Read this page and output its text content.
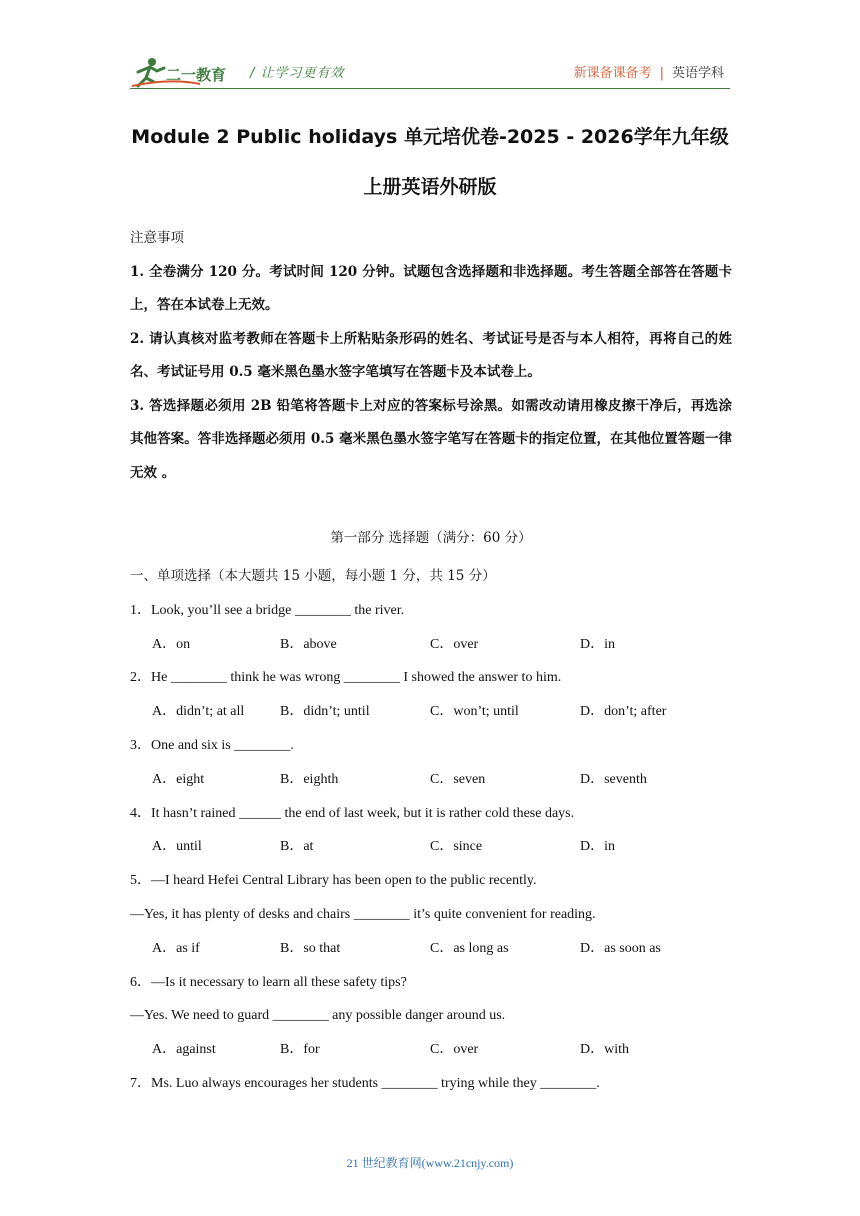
二一教育 / 让学习更有效	新课备课备考 | 英语学科
Module 2 Public holidays 单元培优卷-2025 - 2026学年九年级
上册英语外研版

注意事项

1. 全卷满分 120 分。考试时间 120 分钟。试题包含选择题和非选择题。考生答题全部答在答题卡上，答在本试卷上无效。

2. 请认真核对监考教师在答题卡上所粘贴条形码的姓名、考试证号是否与本人相符，再将自己的姓名、考试证号用 0.5 毫米黑色墨水签字笔填写在答题卡及本试卷上。

3. 答选择题必须用 2B 铅笔将答题卡上对应的答案标号涂黑。如需改动请用橡皮擦干净后，再选涂其他答案。答非选择题必须用 0.5 毫米黑色墨水签字笔写在答题卡的指定位置，在其他位置答题一律无效 。

第一部分 选择题（满分：60 分）
一、单项选择（本大题共 15 小题，每小题 1 分，共 15 分）
1．Look, you’ll see a bridge ________ the river.
A．on	B．above	C．over	D．in
2．He ________ think he was wrong ________ I showed the answer to him.
A．didn’t; at all	B．didn’t; until	C．won’t; until	D．don’t; after
3．One and six is ________.
A．eight	B．eighth	C．seven	D．seventh
4．It hasn’t rained ______ the end of last week, but it is rather cold these days.
A．until	B．at	C．since	D．in
5．—I heard Hefei Central Library has been open to the public recently.
—Yes, it has plenty of desks and chairs ________ it’s quite convenient for reading.
A．as if	B．so that	C．as long as	D．as soon as
6．—Is it necessary to learn all these safety tips?
—Yes. We need to guard ________ any possible danger around us.
A．against	B．for	C．over	D．with
7．Ms. Luo always encourages her students ________ trying while they ________.
21 世纪教育网(www.21cnjy.com)
